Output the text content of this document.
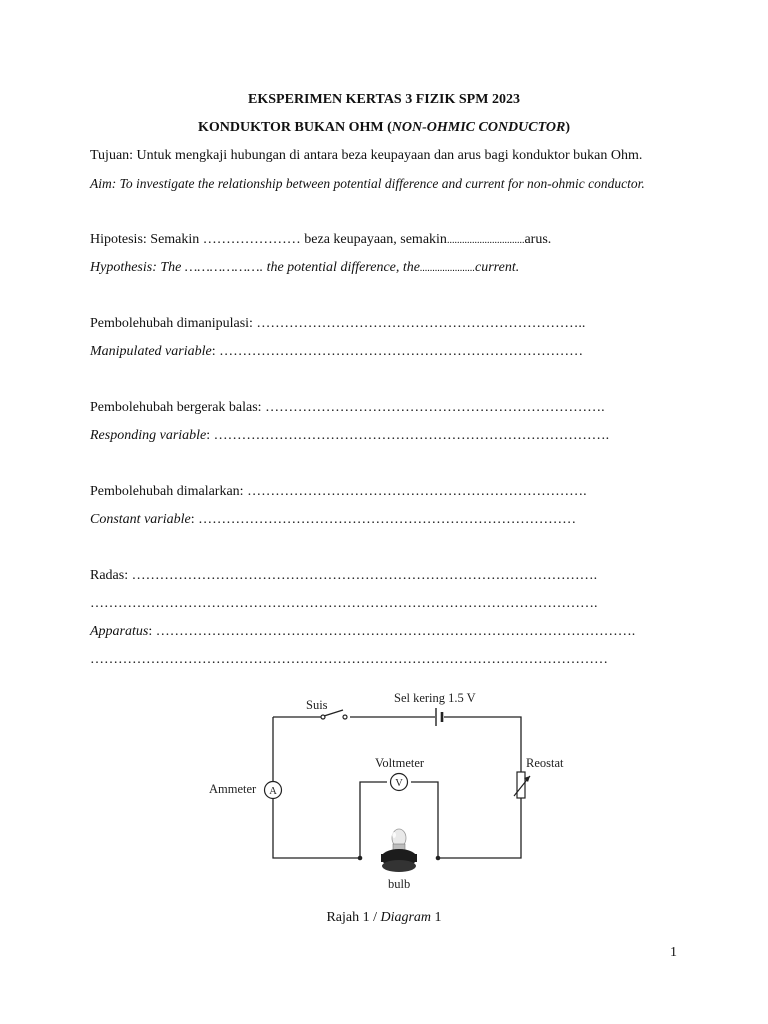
EKSPERIMEN KERTAS 3 FIZIK SPM 2023
KONDUKTOR BUKAN OHM (NON-OHMIC CONDUCTOR)
Tujuan: Untuk mengkaji hubungan di antara beza keupayaan dan arus bagi konduktor bukan Ohm.
Aim: To investigate the relationship between potential difference and current for non-ohmic conductor.
Hipotesis: Semakin ………………… beza keupayaan, semakin...............................arus.
Hypothesis: The ………………. the potential difference, the......................current.
Pembolehubah dimanipulasi: ……………………………………………………………..
Manipulated variable: ……………………………………………………………………
Pembolehubah bergerak balas: ……………………………………………………………….
Responding variable: ………………………………………………………………………….
Pembolehubah dimalarkan: ……………………………………………………………….
Constant variable: ………………………………………………………………………
Radas: ……………………………………………………………………………………….
……………………………………………………………………………………………….
Apparatus: ………………………………………………………………………………………….
…………………………………………………………………………………………………
Suis	Sel kering 1.5 V
A
Ammeter	V
Voltmeter	Reostat
bulb
Rajah 1 / Diagram 1
1
